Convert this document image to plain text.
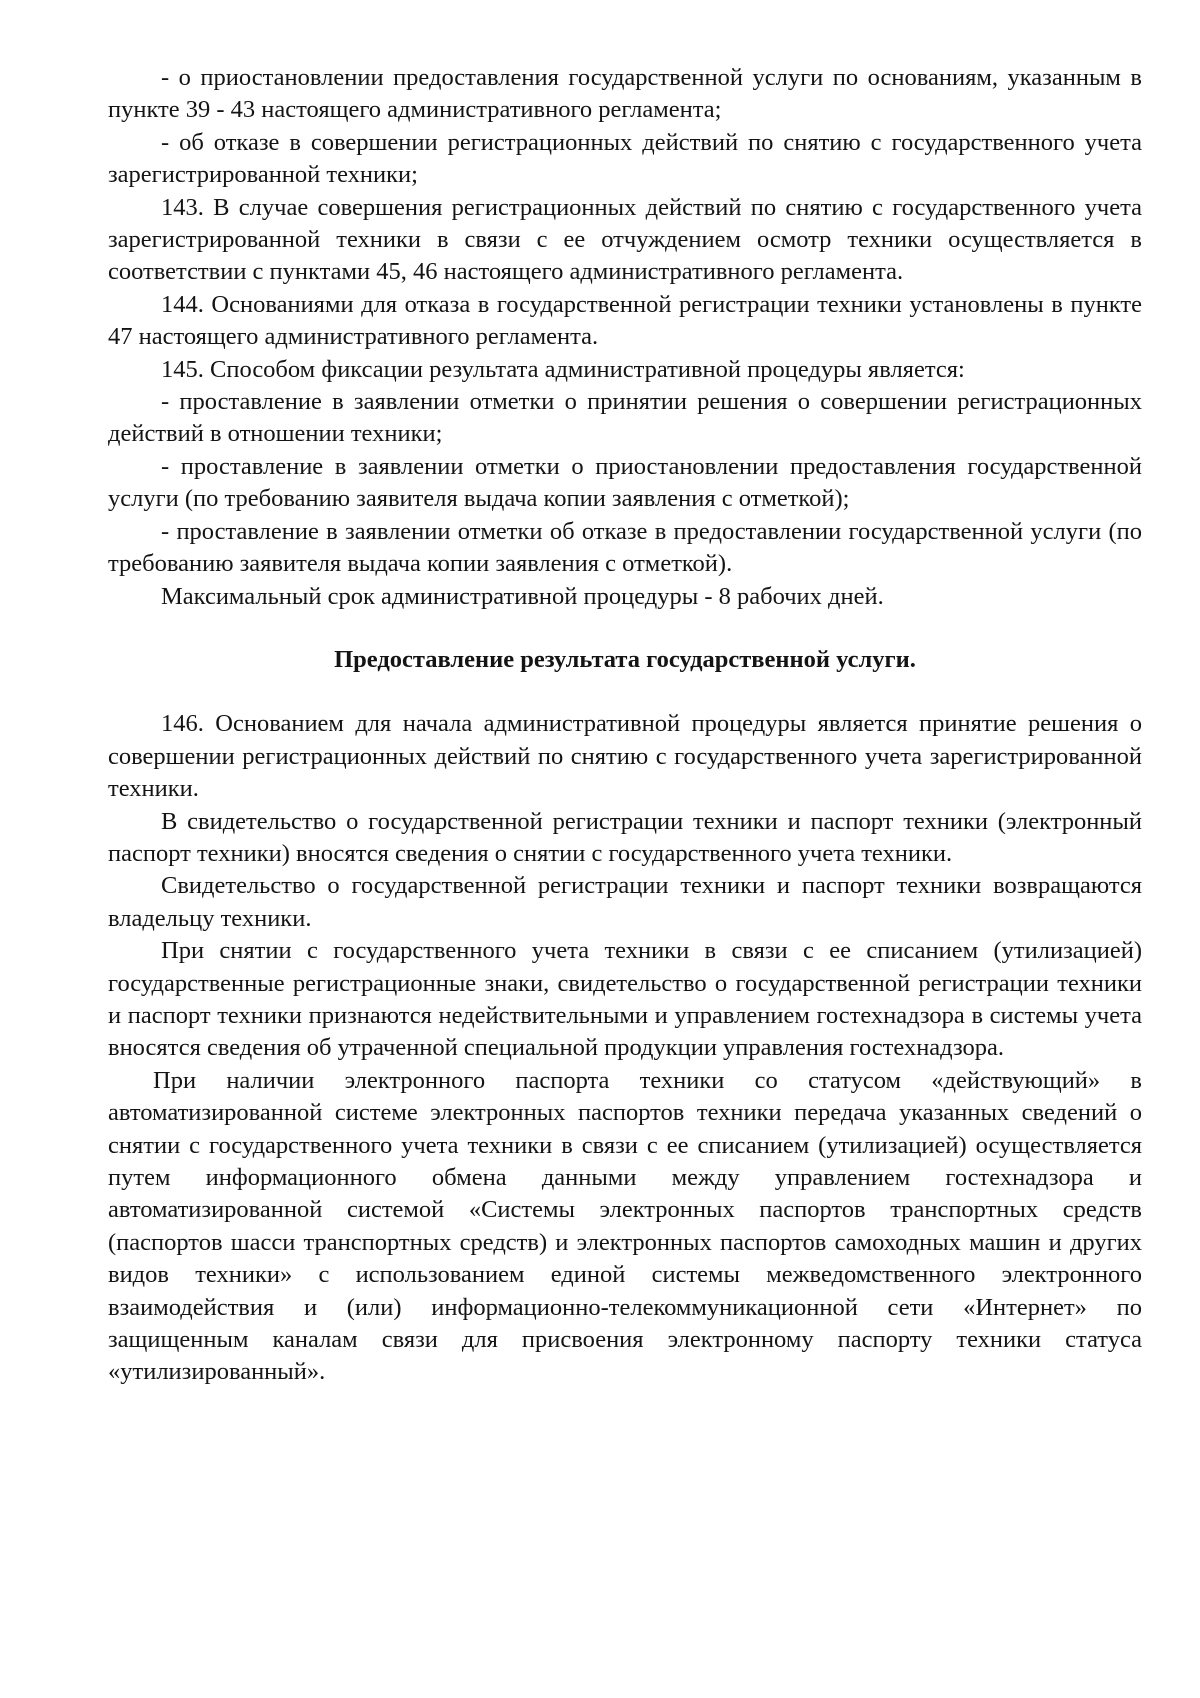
- о приостановлении предоставления государственной услуги по основаниям, указанным в пункте 39 - 43 настоящего административного регламента;

- об отказе в совершении регистрационных действий по снятию с государственного учета зарегистрированной техники;

143. В случае совершения регистрационных действий по снятию с государственного учета зарегистрированной техники в связи с ее отчуждением осмотр техники осуществляется в соответствии с пунктами 45, 46 настоящего административного регламента.

144. Основаниями для отказа в государственной регистрации техники установлены в пункте 47 настоящего административного регламента.

145. Способом фиксации результата административной процедуры является:

- проставление в заявлении отметки о принятии решения о совершении регистрационных действий в отношении техники;

- проставление в заявлении отметки о приостановлении предоставления государственной услуги (по требованию заявителя выдача копии заявления с отметкой);

- проставление в заявлении отметки об отказе в предоставлении государственной услуги (по требованию заявителя выдача копии заявления с отметкой).

Максимальный срок административной процедуры - 8 рабочих дней.

Предоставление результата государственной услуги.

146. Основанием для начала административной процедуры является принятие решения о совершении регистрационных действий по снятию с государственного учета зарегистрированной техники.

В свидетельство о государственной регистрации техники и паспорт техники (электронный паспорт техники) вносятся сведения о снятии с государственного учета техники.

Свидетельство о государственной регистрации техники и паспорт техники возвращаются владельцу техники.

При снятии с государственного учета техники в связи с ее списанием (утилизацией) государственные регистрационные знаки, свидетельство о государственной регистрации техники и паспорт техники признаются недействительными и управлением гостехнадзора в системы учета вносятся сведения об утраченной специальной продукции управления гостехнадзора.

При наличии электронного паспорта техники со статусом «действующий» в автоматизированной системе электронных паспортов техники передача указанных сведений о снятии с государственного учета техники в связи с ее списанием (утилизацией) осуществляется путем информационного обмена данными между управлением гостехнадзора и автоматизированной системой «Системы электронных паспортов транспортных средств (паспортов шасси транспортных средств) и электронных паспортов самоходных машин и других видов техники» с использованием единой системы межведомственного электронного взаимодействия и (или) информационно-телекоммуникационной сети «Интернет» по защищенным каналам связи для присвоения электронному паспорту техники статуса «утилизированный».
